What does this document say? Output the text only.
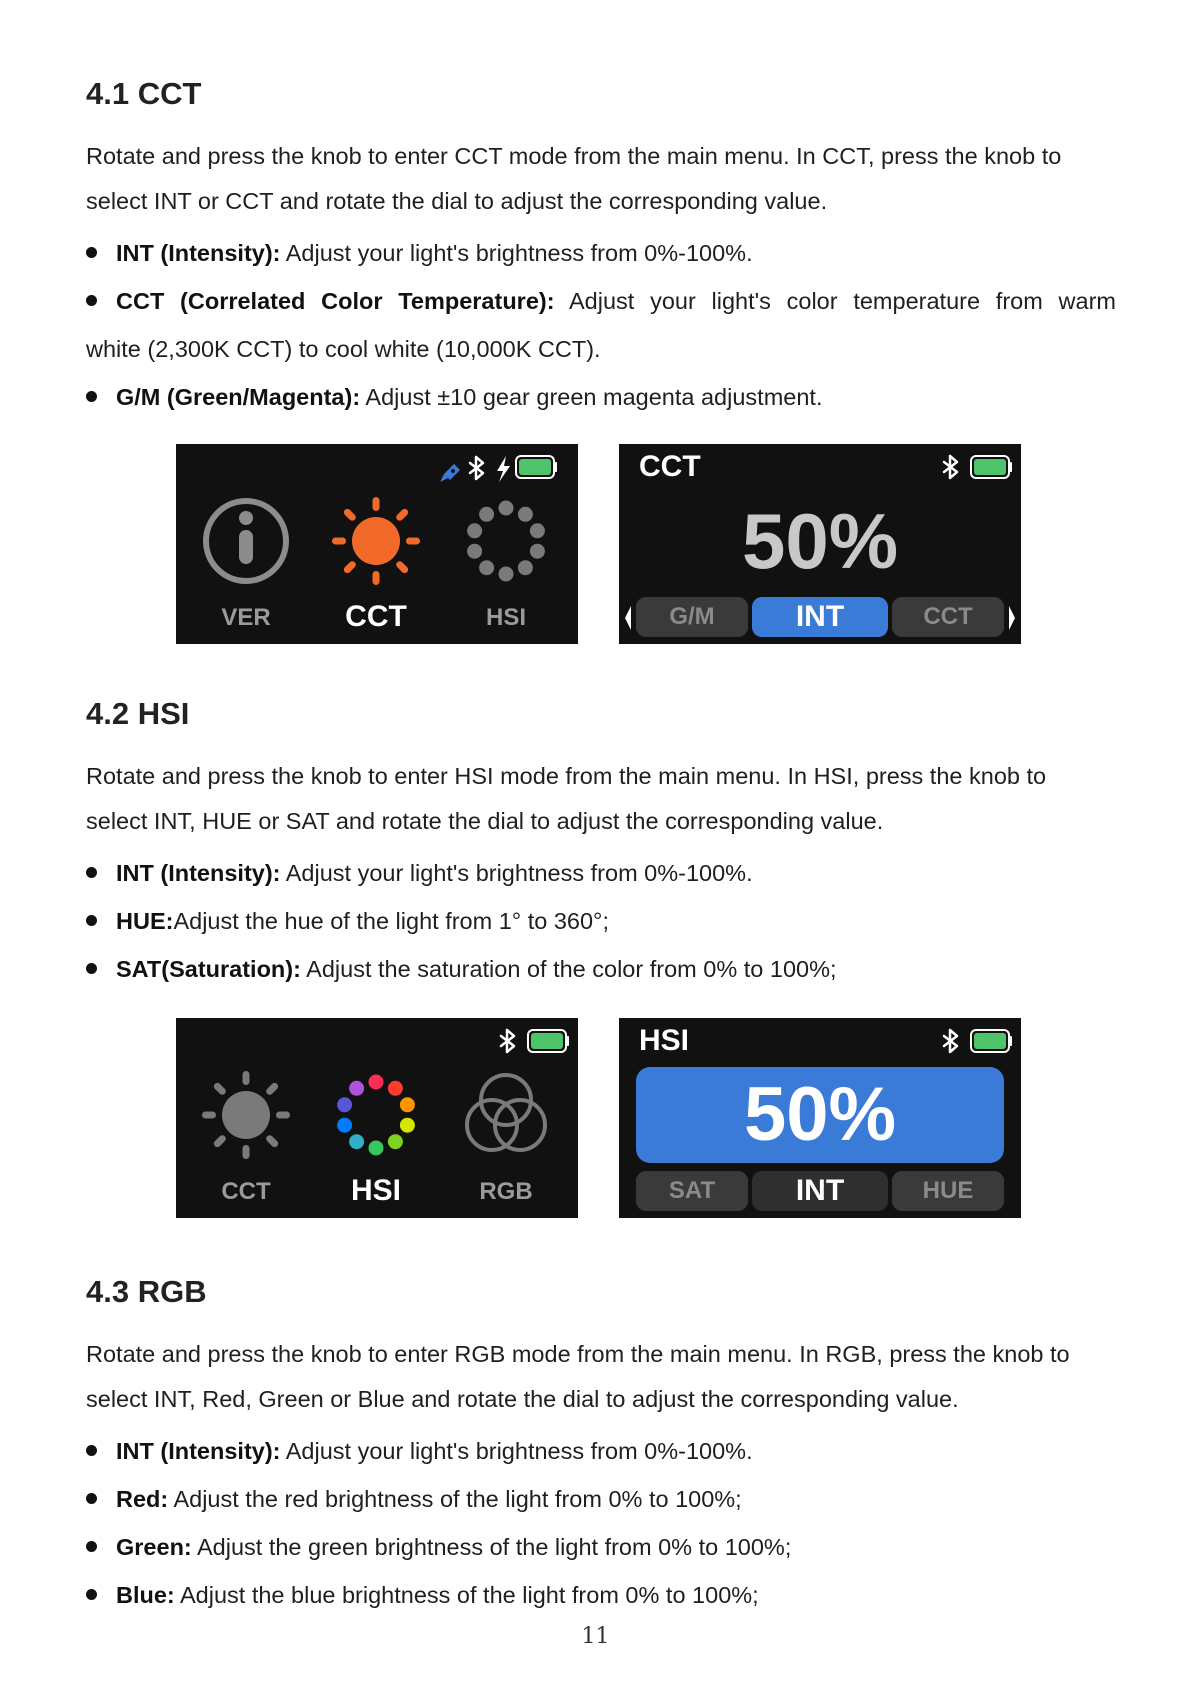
4.1 CCT

Rotate and press the knob to enter CCT mode from the main menu. In CCT, press the knob to

select INT or CCT and rotate the dial to adjust the corresponding value.

INT (Intensity): Adjust your light's brightness from 0%-100%.

CCT (Correlated Color Temperature): Adjust your light's color temperature from warm

white (2,300K CCT) to cool white (10,000K CCT).

G/M (Green/Magenta): Adjust ±10 gear green magenta adjustment.

VER	CCT	HSI
CCT
50%
G/M	INT	CCT
4.2 HSI

Rotate and press the knob to enter HSI mode from the main menu. In HSI, press the knob to

select INT, HUE or SAT and rotate the dial to adjust the corresponding value.

INT (Intensity): Adjust your light's brightness from 0%-100%.

HUE:Adjust the hue of the light from 1° to 360°;

SAT(Saturation): Adjust the saturation of the color from 0% to 100%;

CCT	HSI	RGB
HSI
50%
SAT	INT	HUE
4.3 RGB

Rotate and press the knob to enter RGB mode from the main menu. In RGB, press the knob to

select INT, Red, Green or Blue and rotate the dial to adjust the corresponding value.

INT (Intensity): Adjust your light's brightness from 0%-100%.

Red: Adjust the red brightness of the light from 0% to 100%;

Green: Adjust the green brightness of the light from 0% to 100%;

Blue: Adjust the blue brightness of the light from 0% to 100%;

11
